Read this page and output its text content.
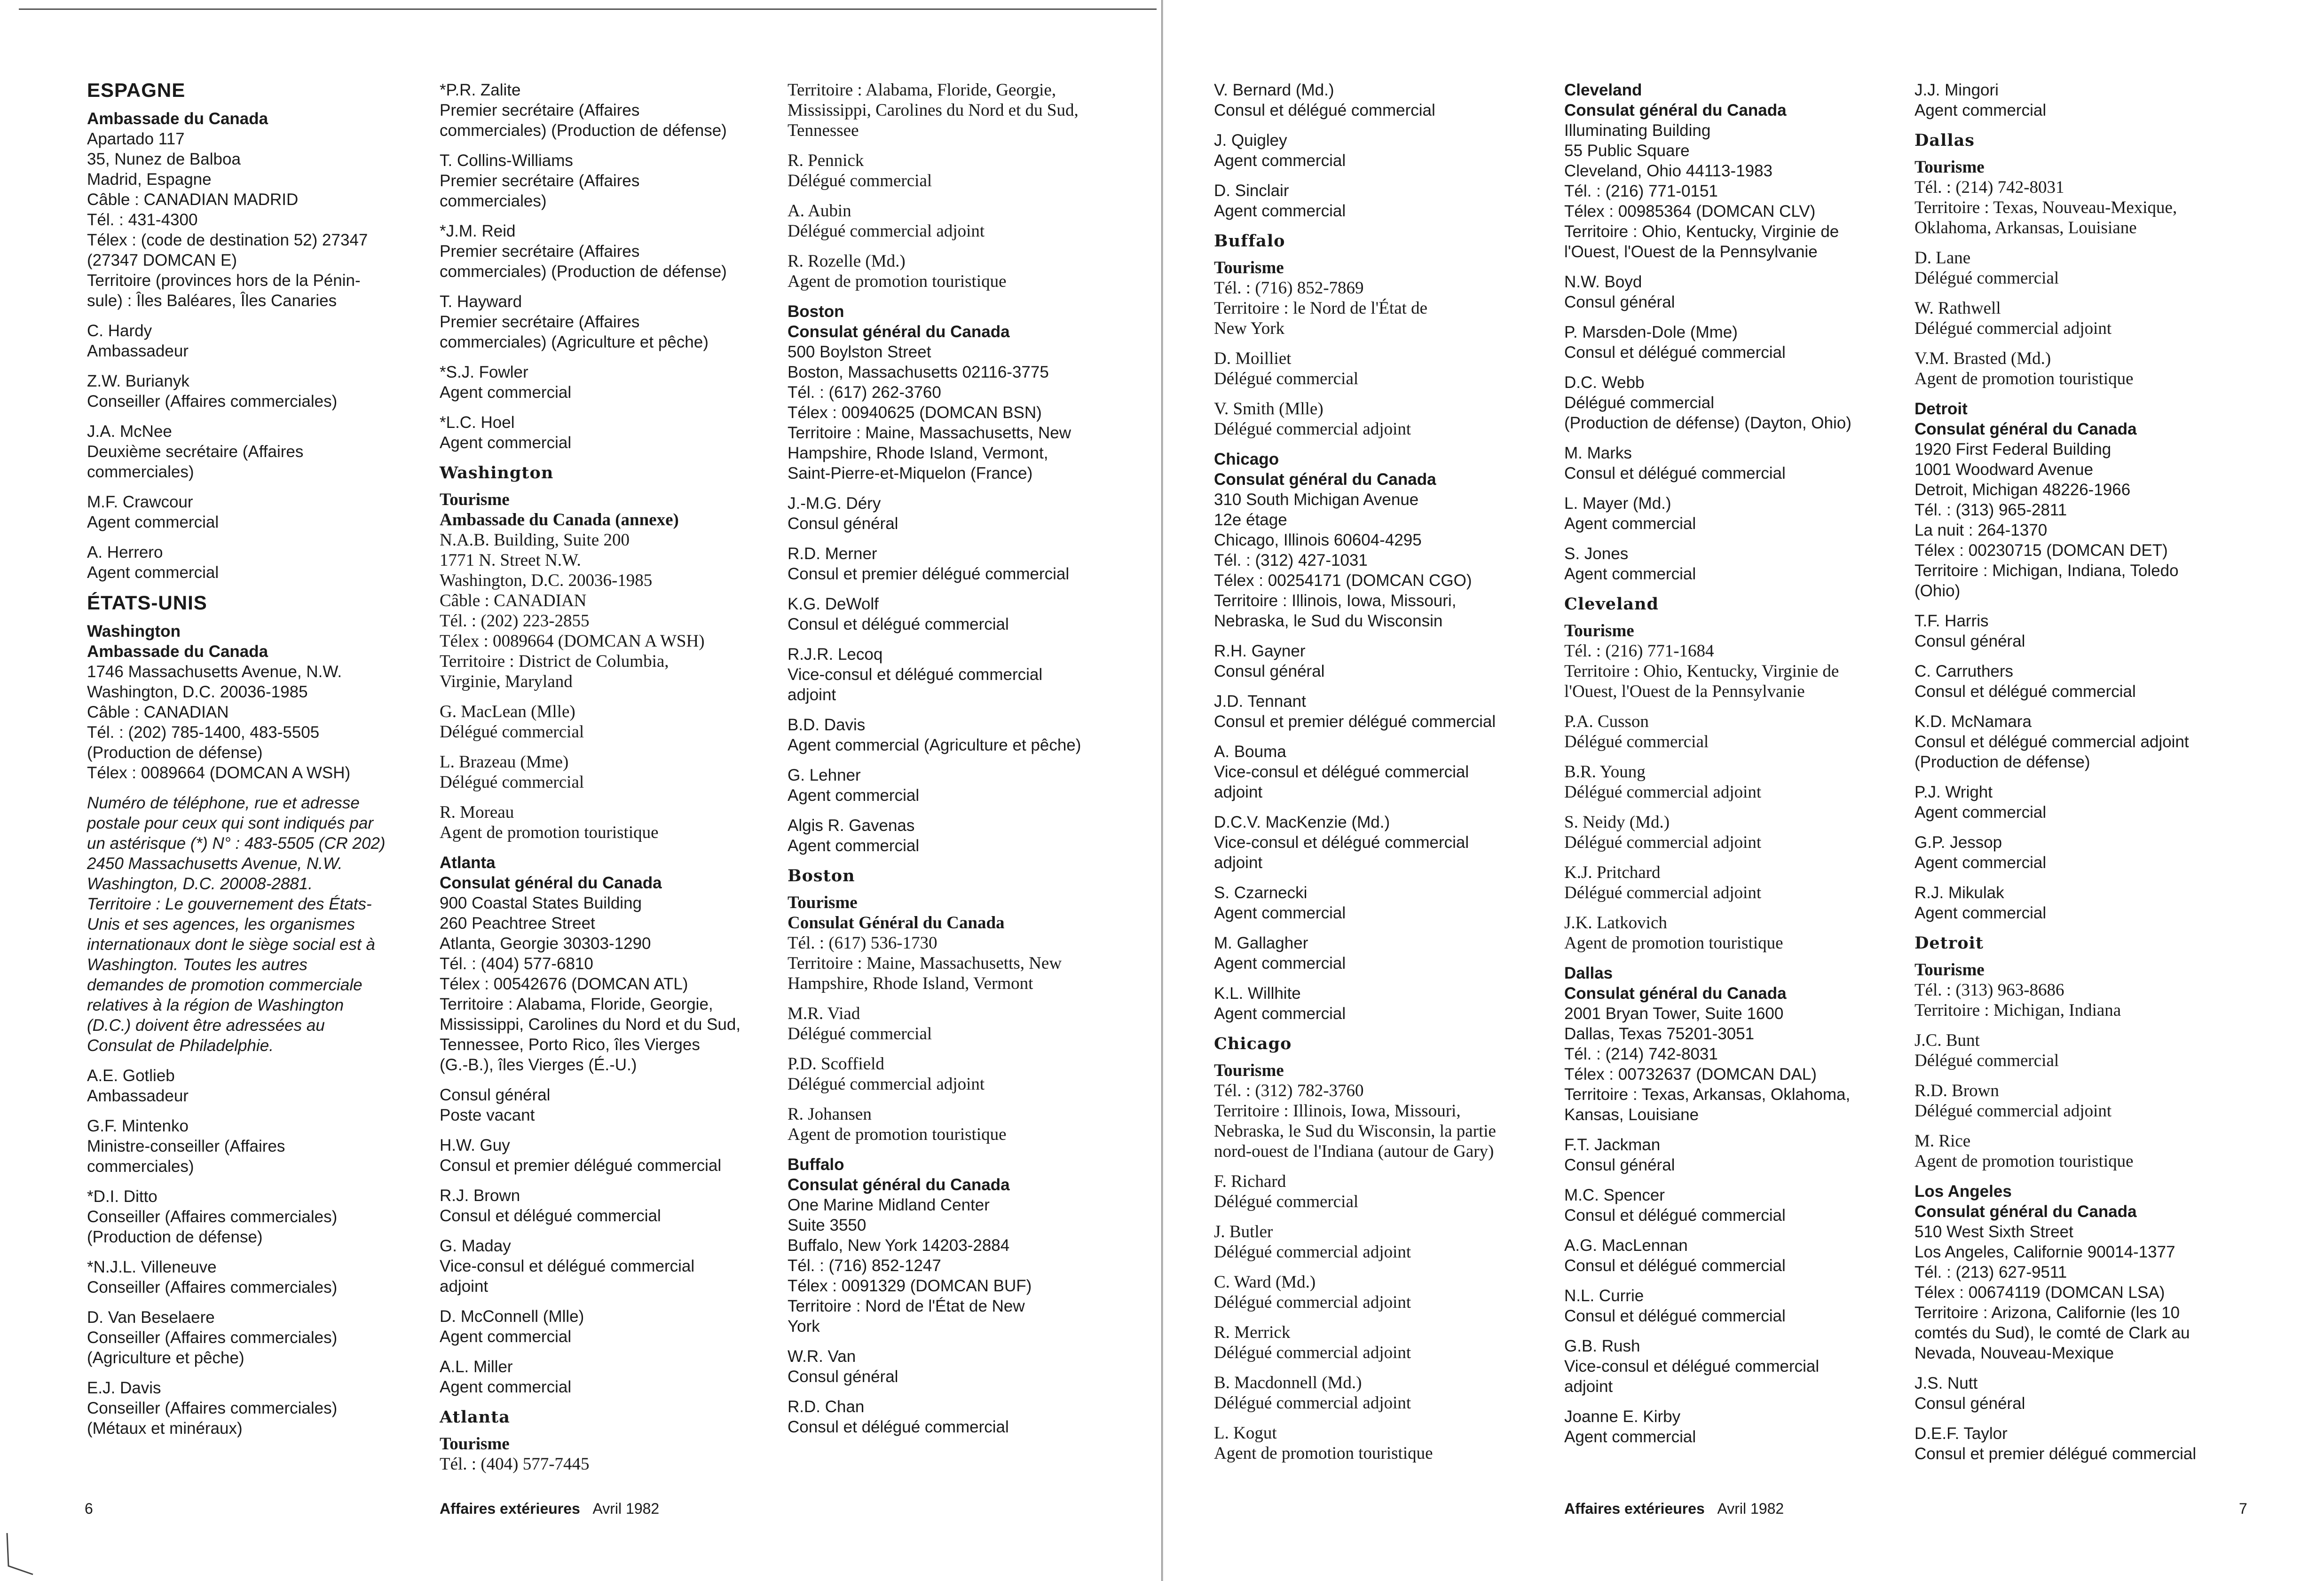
ESPAGNE
Ambassade du Canada
Apartado 117
35, Nunez de Balboa
Madrid, Espagne
Câble : CANADIAN MADRID
Tél. : 431-4300
Télex : (code de destination 52) 27347
(27347 DOMCAN E)
Territoire (provinces hors de la Pénin-
sule) : Îles Baléares, Îles Canaries
C. Hardy
Ambassadeur
Z.W. Burianyk
Conseiller (Affaires commerciales)
J.A. McNee
Deuxième secrétaire (Affaires
commerciales)
M.F. Crawcour
Agent commercial
A. Herrero
Agent commercial
ÉTATS-UNIS
Washington
Ambassade du Canada
1746 Massachusetts Avenue, N.W.
Washington, D.C. 20036-1985
Câble : CANADIAN
Tél. : (202) 785-1400, 483-5505
(Production de défense)
Télex : 0089664 (DOMCAN A WSH)
Numéro de téléphone, rue et adresse
postale pour ceux qui sont indiqués par
un astérisque (*) N° : 483-5505 (CR 202)
2450 Massachusetts Avenue, N.W.
Washington, D.C. 20008-2881.
Territoire : Le gouvernement des États-
Unis et ses agences, les organismes
internationaux dont le siège social est à
Washington. Toutes les autres
demandes de promotion commerciale
relatives à la région de Washington
(D.C.) doivent être adressées au
Consulat de Philadelphie.
A.E. Gotlieb
Ambassadeur
G.F. Mintenko
Ministre-conseiller (Affaires
commerciales)
*D.I. Ditto
Conseiller (Affaires commerciales)
(Production de défense)
*N.J.L. Villeneuve
Conseiller (Affaires commerciales)
D. Van Beselaere
Conseiller (Affaires commerciales)
(Agriculture et pêche)
E.J. Davis
Conseiller (Affaires commerciales)
(Métaux et minéraux)
*P.R. Zalite
Premier secrétaire (Affaires
commerciales) (Production de défense)
T. Collins-Williams
Premier secrétaire (Affaires
commerciales)
*J.M. Reid
Premier secrétaire (Affaires
commerciales) (Production de défense)
T. Hayward
Premier secrétaire (Affaires
commerciales) (Agriculture et pêche)
*S.J. Fowler
Agent commercial
*L.C. Hoel
Agent commercial
Washington
Tourisme
Ambassade du Canada (annexe)
N.A.B. Building, Suite 200
1771 N. Street N.W.
Washington, D.C. 20036-1985
Câble : CANADIAN
Tél. : (202) 223-2855
Télex : 0089664 (DOMCAN A WSH)
Territoire : District de Columbia,
Virginie, Maryland
G. MacLean (Mlle)
Délégué commercial
L. Brazeau (Mme)
Délégué commercial
R. Moreau
Agent de promotion touristique
Atlanta
Consulat général du Canada
900 Coastal States Building
260 Peachtree Street
Atlanta, Georgie 30303-1290
Tél. : (404) 577-6810
Télex : 00542676 (DOMCAN ATL)
Territoire : Alabama, Floride, Georgie,
Mississippi, Carolines du Nord et du Sud,
Tennessee, Porto Rico, îles Vierges
(G.-B.), îles Vierges (É.-U.)
Consul général
Poste vacant
H.W. Guy
Consul et premier délégué commercial
R.J. Brown
Consul et délégué commercial
G. Maday
Vice-consul et délégué commercial
adjoint
D. McConnell (Mlle)
Agent commercial
A.L. Miller
Agent commercial
Atlanta
Tourisme
Tél. : (404) 577-7445
Territoire : Alabama, Floride, Georgie,
Mississippi, Carolines du Nord et du Sud,
Tennessee
R. Pennick
Délégué commercial
A. Aubin
Délégué commercial adjoint
R. Rozelle (Md.)
Agent de promotion touristique
Boston
Consulat général du Canada
500 Boylston Street
Boston, Massachusetts 02116-3775
Tél. : (617) 262-3760
Télex : 00940625 (DOMCAN BSN)
Territoire : Maine, Massachusetts, New
Hampshire, Rhode Island, Vermont,
Saint-Pierre-et-Miquelon (France)
J.-M.G. Déry
Consul général
R.D. Merner
Consul et premier délégué commercial
K.G. DeWolf
Consul et délégué commercial
R.J.R. Lecoq
Vice-consul et délégué commercial
adjoint
B.D. Davis
Agent commercial (Agriculture et pêche)
G. Lehner
Agent commercial
Algis R. Gavenas
Agent commercial
Boston
Tourisme
Consulat Général du Canada
Tél. : (617) 536-1730
Territoire : Maine, Massachusetts, New
Hampshire, Rhode Island, Vermont
M.R. Viad
Délégué commercial
P.D. Scoffield
Délégué commercial adjoint
R. Johansen
Agent de promotion touristique
Buffalo
Consulat général du Canada
One Marine Midland Center
Suite 3550
Buffalo, New York 14203-2884
Tél. : (716) 852-1247
Télex : 0091329 (DOMCAN BUF)
Territoire : Nord de l'État de New
York
W.R. Van
Consul général
R.D. Chan
Consul et délégué commercial
6	Affaires extérieures Avril 1982
V. Bernard (Md.)
Consul et délégué commercial
J. Quigley
Agent commercial
D. Sinclair
Agent commercial
Buffalo
Tourisme
Tél. : (716) 852-7869
Territoire : le Nord de l'État de
New York
D. Moilliet
Délégué commercial
V. Smith (Mlle)
Délégué commercial adjoint
Chicago
Consulat général du Canada
310 South Michigan Avenue
12e étage
Chicago, Illinois 60604-4295
Tél. : (312) 427-1031
Télex : 00254171 (DOMCAN CGO)
Territoire : Illinois, Iowa, Missouri,
Nebraska, le Sud du Wisconsin
R.H. Gayner
Consul général
J.D. Tennant
Consul et premier délégué commercial
A. Bouma
Vice-consul et délégué commercial
adjoint
D.C.V. MacKenzie (Md.)
Vice-consul et délégué commercial
adjoint
S. Czarnecki
Agent commercial
M. Gallagher
Agent commercial
K.L. Willhite
Agent commercial
Chicago
Tourisme
Tél. : (312) 782-3760
Territoire : Illinois, Iowa, Missouri,
Nebraska, le Sud du Wisconsin, la partie
nord-ouest de l'Indiana (autour de Gary)
F. Richard
Délégué commercial
J. Butler
Délégué commercial adjoint
C. Ward (Md.)
Délégué commercial adjoint
R. Merrick
Délégué commercial adjoint
B. Macdonnell (Md.)
Délégué commercial adjoint
L. Kogut
Agent de promotion touristique
Cleveland
Consulat général du Canada
Illuminating Building
55 Public Square
Cleveland, Ohio 44113-1983
Tél. : (216) 771-0151
Télex : 00985364 (DOMCAN CLV)
Territoire : Ohio, Kentucky, Virginie de
l'Ouest, l'Ouest de la Pennsylvanie
N.W. Boyd
Consul général
P. Marsden-Dole (Mme)
Consul et délégué commercial
D.C. Webb
Délégué commercial
(Production de défense) (Dayton, Ohio)
M. Marks
Consul et délégué commercial
L. Mayer (Md.)
Agent commercial
S. Jones
Agent commercial
Cleveland
Tourisme
Tél. : (216) 771-1684
Territoire : Ohio, Kentucky, Virginie de
l'Ouest, l'Ouest de la Pennsylvanie
P.A. Cusson
Délégué commercial
B.R. Young
Délégué commercial adjoint
S. Neidy (Md.)
Délégué commercial adjoint
K.J. Pritchard
Délégué commercial adjoint
J.K. Latkovich
Agent de promotion touristique
Dallas
Consulat général du Canada
2001 Bryan Tower, Suite 1600
Dallas, Texas 75201-3051
Tél. : (214) 742-8031
Télex : 00732637 (DOMCAN DAL)
Territoire : Texas, Arkansas, Oklahoma,
Kansas, Louisiane
F.T. Jackman
Consul général
M.C. Spencer
Consul et délégué commercial
A.G. MacLennan
Consul et délégué commercial
N.L. Currie
Consul et délégué commercial
G.B. Rush
Vice-consul et délégué commercial
adjoint
Joanne E. Kirby
Agent commercial
J.J. Mingori
Agent commercial
Dallas
Tourisme
Tél. : (214) 742-8031
Territoire : Texas, Nouveau-Mexique,
Oklahoma, Arkansas, Louisiane
D. Lane
Délégué commercial
W. Rathwell
Délégué commercial adjoint
V.M. Brasted (Md.)
Agent de promotion touristique
Detroit
Consulat général du Canada
1920 First Federal Building
1001 Woodward Avenue
Detroit, Michigan 48226-1966
Tél. : (313) 965-2811
La nuit : 264-1370
Télex : 00230715 (DOMCAN DET)
Territoire : Michigan, Indiana, Toledo
(Ohio)
T.F. Harris
Consul général
C. Carruthers
Consul et délégué commercial
K.D. McNamara
Consul et délégué commercial adjoint
(Production de défense)
P.J. Wright
Agent commercial
G.P. Jessop
Agent commercial
R.J. Mikulak
Agent commercial
Detroit
Tourisme
Tél. : (313) 963-8686
Territoire : Michigan, Indiana
J.C. Bunt
Délégué commercial
R.D. Brown
Délégué commercial adjoint
M. Rice
Agent de promotion touristique
Los Angeles
Consulat général du Canada
510 West Sixth Street
Los Angeles, Californie 90014-1377
Tél. : (213) 627-9511
Télex : 00674119 (DOMCAN LSA)
Territoire : Arizona, Californie (les 10
comtés du Sud), le comté de Clark au
Nevada, Nouveau-Mexique
J.S. Nutt
Consul général
D.E.F. Taylor
Consul et premier délégué commercial
Affaires extérieures Avril 1982	7
